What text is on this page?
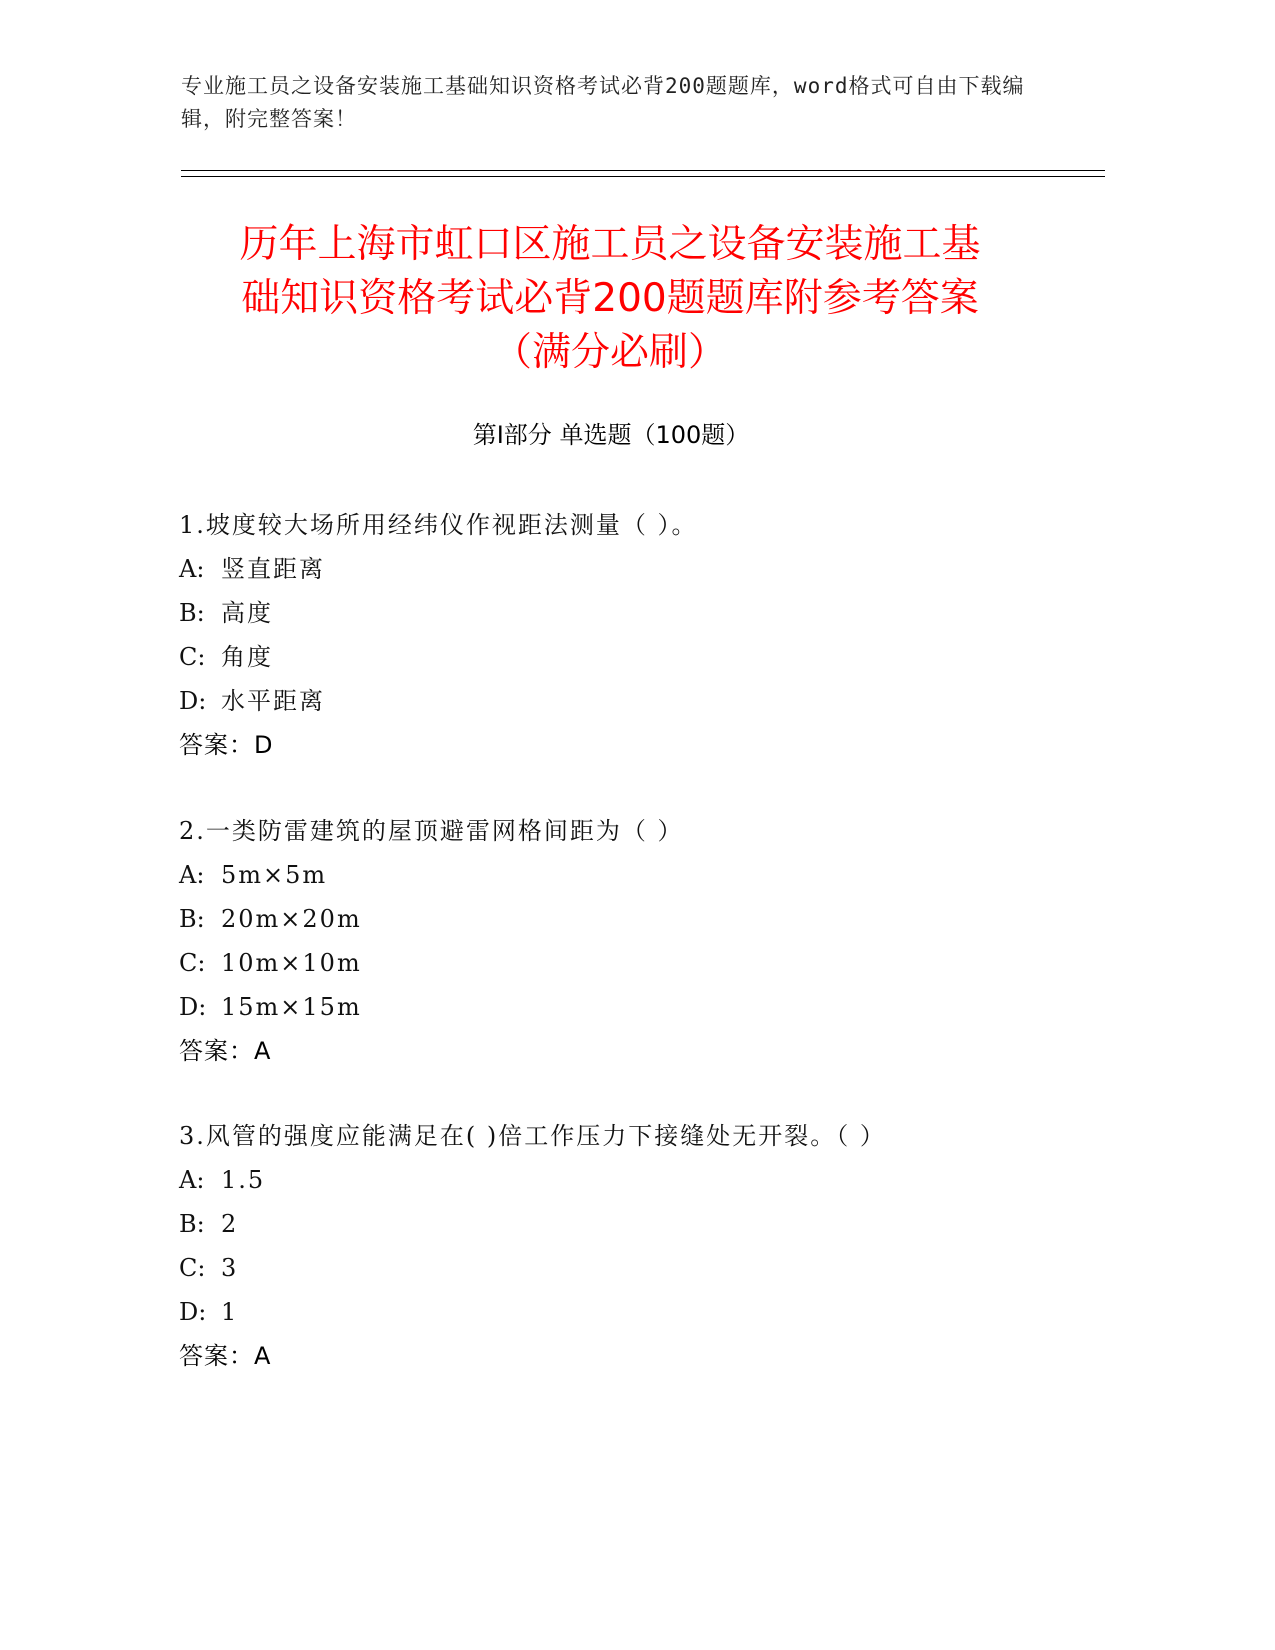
专业施工员之设备安装施工基础知识资格考试必背200题题库，word格式可自由下载编辑，附完整答案！
历年上海市虹口区施工员之设备安装施工基
础知识资格考试必背200题题库附参考答案
（满分必刷）
第Ⅰ部分 单选题（100题）
1.坡度较大场所用经纬仪作视距法测量（ ）。
A: 竖直距离
B: 高度
C: 角度
D: 水平距离
答案：D
2.一类防雷建筑的屋顶避雷网格间距为（ ）
A: 5m×5m
B: 20m×20m
C: 10m×10m
D: 15m×15m
答案：A
3.风管的强度应能满足在( )倍工作压力下接缝处无开裂。（ ）
A: 1.5
B: 2
C: 3
D: 1
答案：A
